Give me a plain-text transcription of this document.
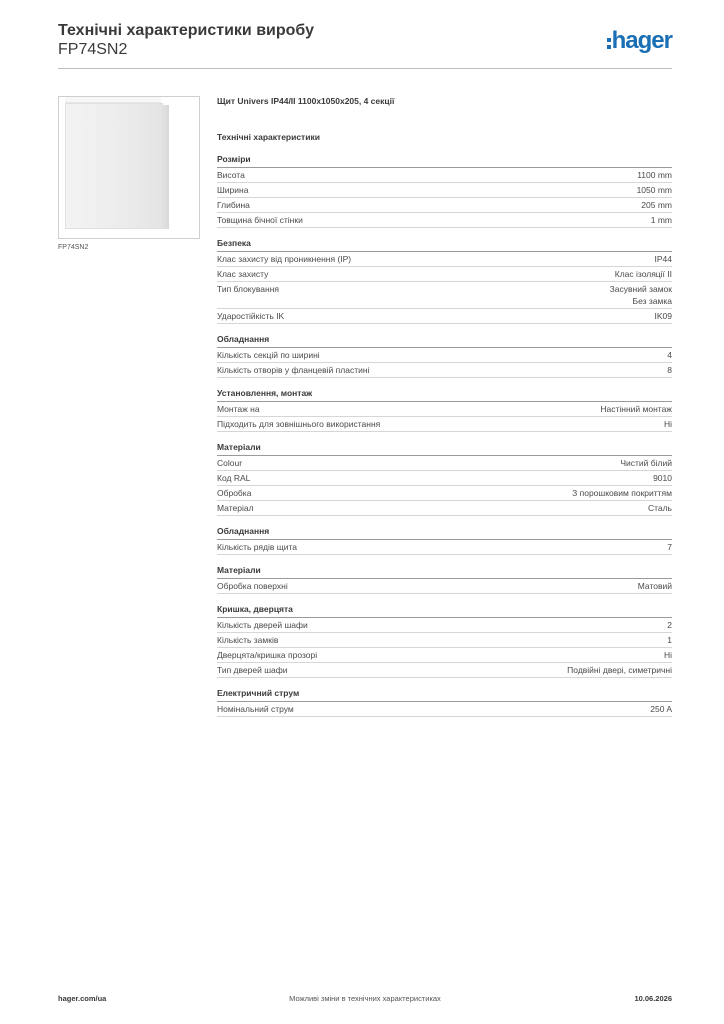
Технічні характеристики виробу
FP74SN2	hager
FP74SN2
Щит Univers IP44/II 1100x1050x205, 4 секції
Технічні характеристики
Розміри
Висота	1100 mm
Ширина	1050 mm
Глибина	205 mm
Товщина бічної стінки	1 mm
Безпека
Клас захисту від проникнення (IP)	IP44
Клас захисту	Клас ізоляції II
Тип блокування	Засувний замок
Без замка
Ударостійкість IK	IK09
Обладнання
Кількість секцій по ширині	4
Кількість отворів у фланцевій пластині	8
Установлення, монтаж
Монтаж на	Настінний монтаж
Підходить для зовнішнього використання	Ні
Матеріали
Colour	Чистий білий
Код RAL	9010
Обробка	З порошковим покриттям
Матеріал	Сталь
Обладнання
Кількість рядів щита	7
Матеріали
Обробка поверхні	Матовий
Кришка, дверцята
Кількість дверей шафи	2
Кількість замків	1
Дверцята/кришка прозорі	Ні
Тип дверей шафи	Подвійні двері, симетричні
Електричний струм
Номінальний струм	250 A
hager.com/ua	Можливі зміни в технічних характеристиках	10.06.2026
